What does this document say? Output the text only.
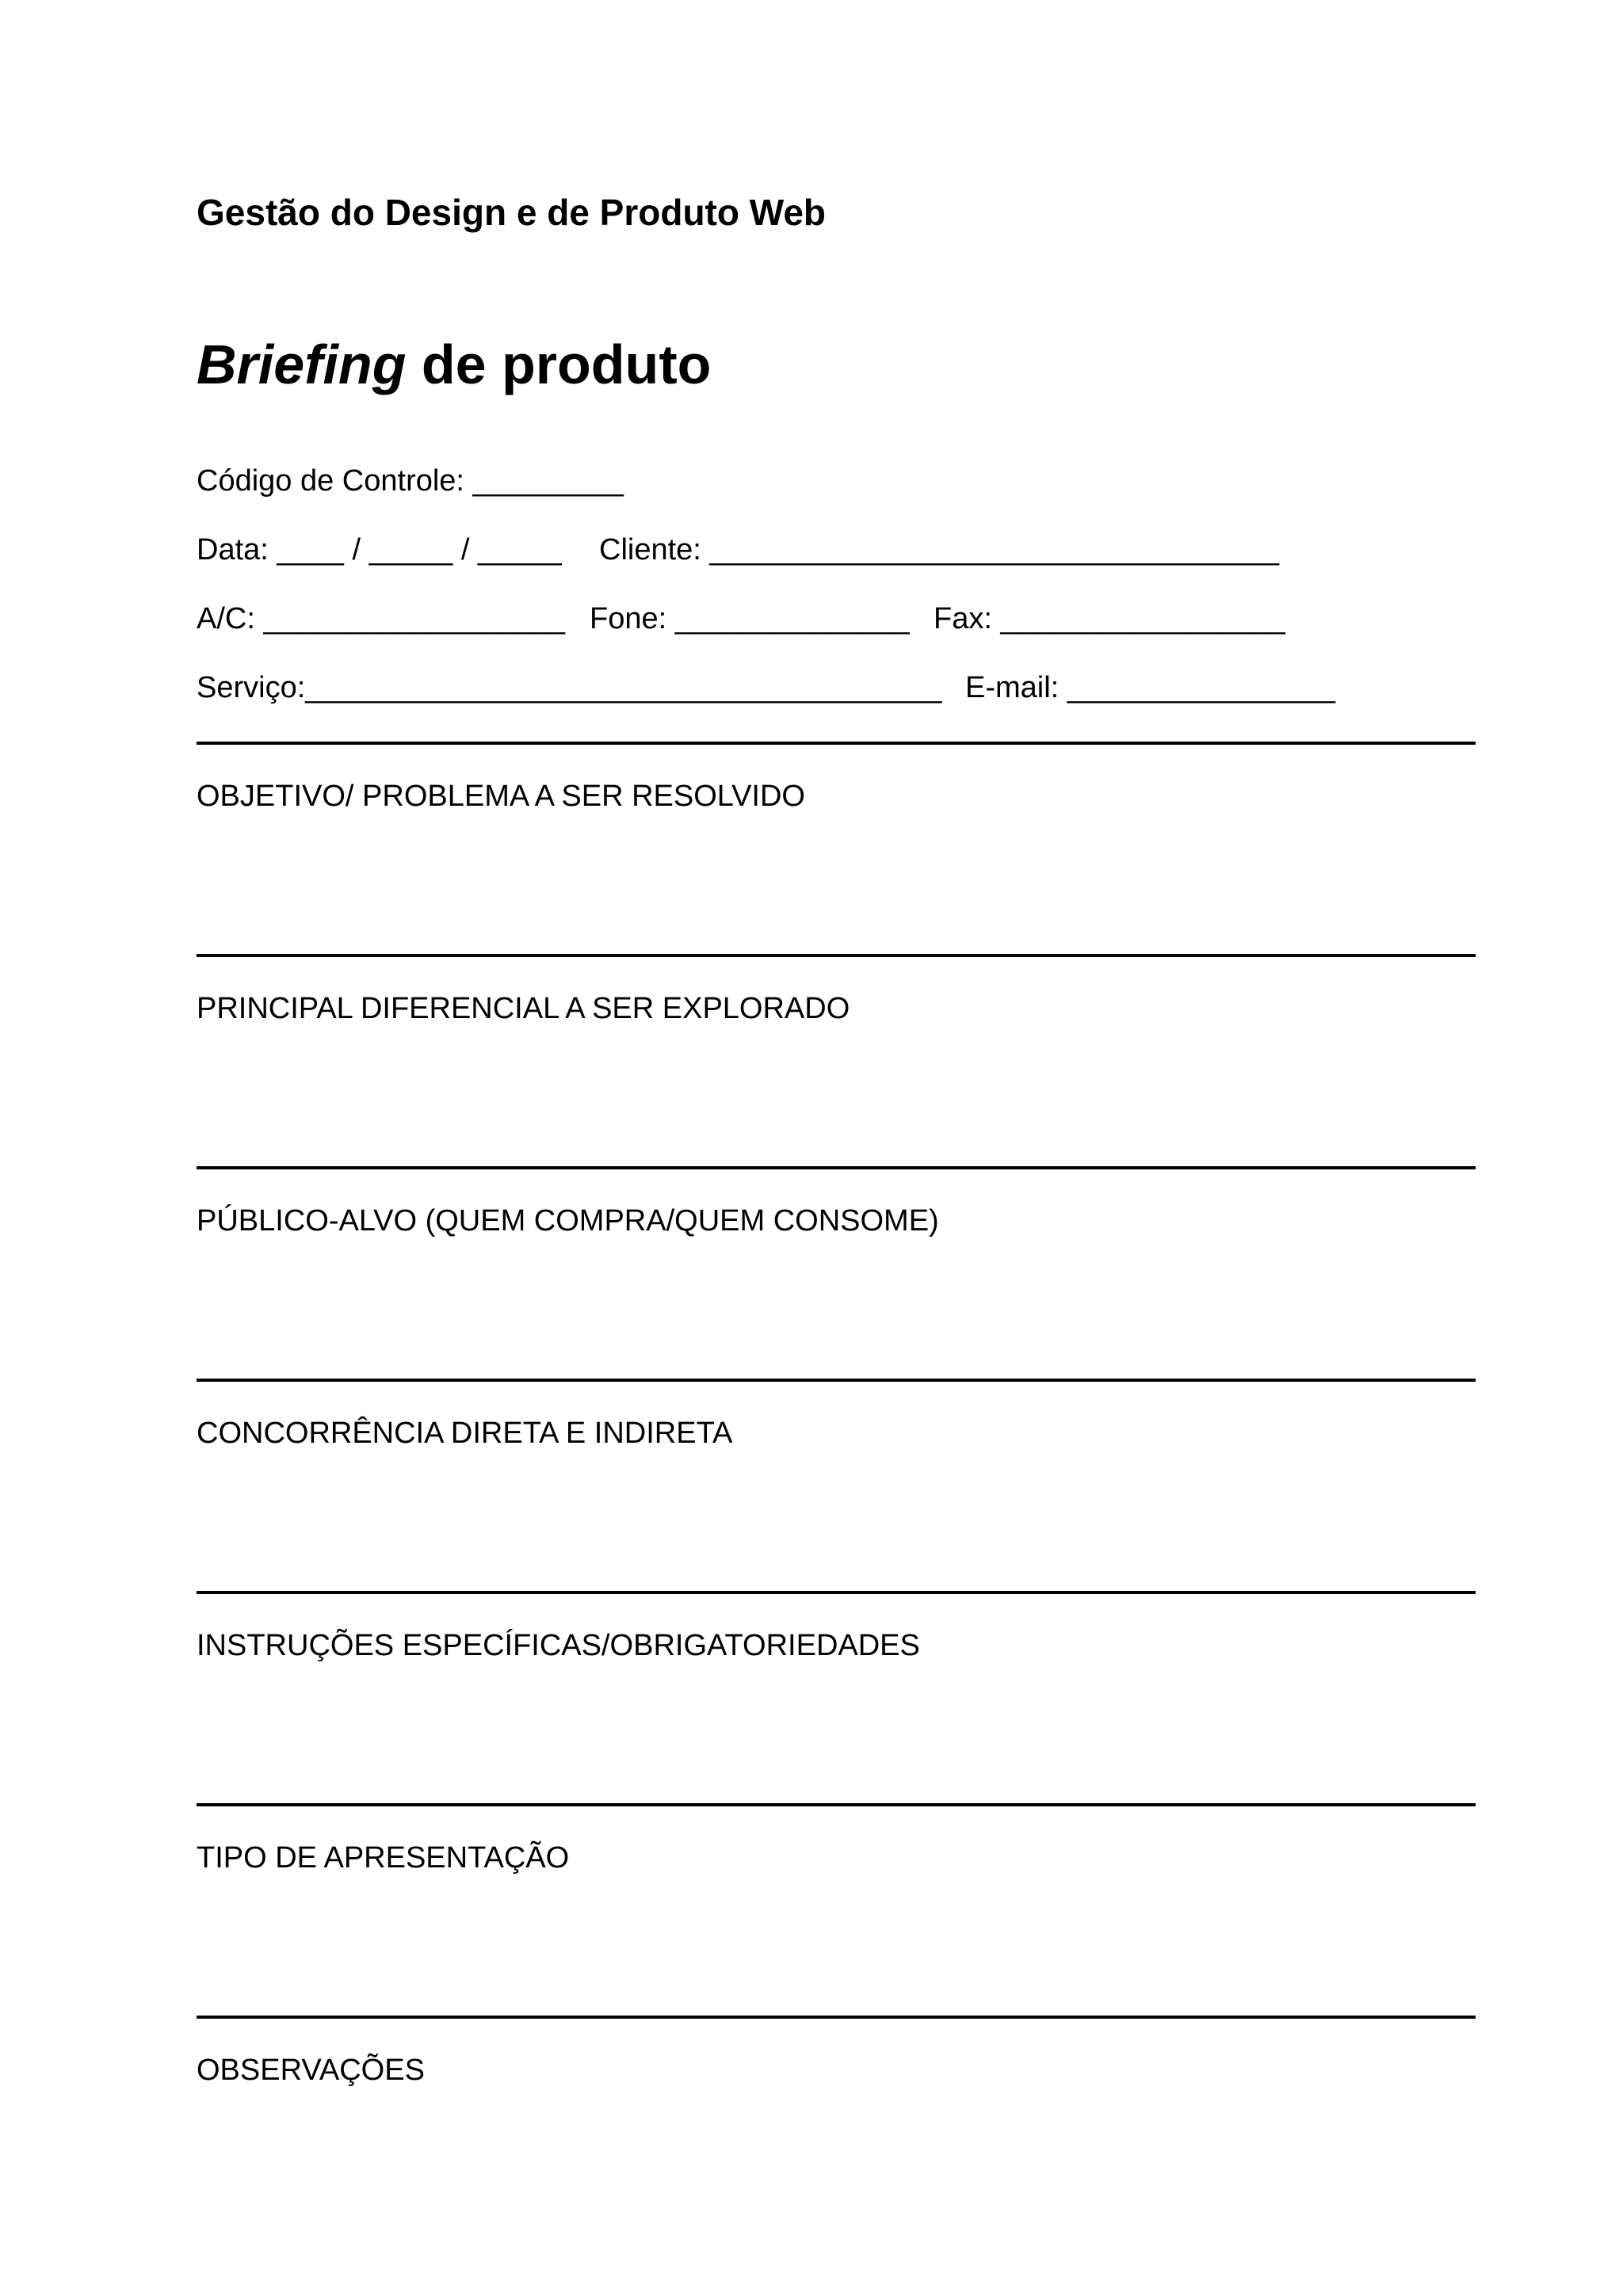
Gestão do Design e de Produto Web
Briefing de produto
Código de Controle: _________
Data: ____ / _____ / _____ Cliente: __________________________________
A/C: __________________ Fone: ______________ Fax: _________________
Serviço:______________________________________ E-mail: ________________
OBJETIVO/ PROBLEMA A SER RESOLVIDO
PRINCIPAL DIFERENCIAL A SER EXPLORADO
PÚBLICO-ALVO (QUEM COMPRA/QUEM CONSOME)
CONCORRÊNCIA DIRETA E INDIRETA
INSTRUÇÕES ESPECÍFICAS/OBRIGATORIEDADES
TIPO DE APRESENTAÇÃO
OBSERVAÇÕES
